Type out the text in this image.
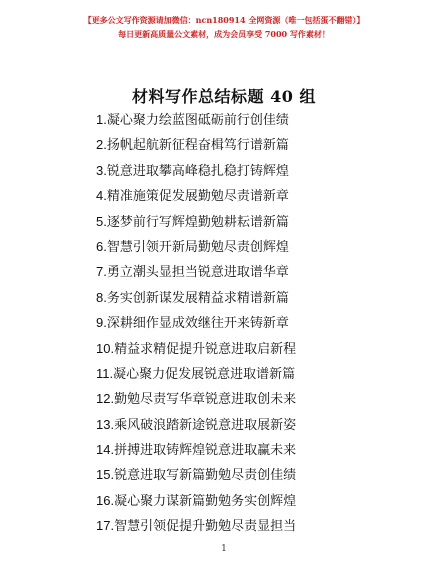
【更多公文写作资源请加微信：ncn180914 全网资源（唯一包括蛋不翻错）】
每日更新高质量公文素材，成为会员享受 7000 写作素材！
材料写作总结标题 40 组
1.凝心聚力绘蓝图砥砺前行创佳绩
2.扬帆起航新征程奋楫笃行谱新篇
3.锐意进取攀高峰稳扎稳打铸辉煌
4.精准施策促发展勤勉尽责谱新章
5.逐梦前行写辉煌勤勉耕耘谱新篇
6.智慧引领开新局勤勉尽责创辉煌
7.勇立潮头显担当锐意进取谱华章
8.务实创新谋发展精益求精谱新篇
9.深耕细作显成效继往开来铸新章
10.精益求精促提升锐意进取启新程
11.凝心聚力促发展锐意进取谱新篇
12.勤勉尽责写华章锐意进取创未来
13.乘风破浪踏新途锐意进取展新姿
14.拼搏进取铸辉煌锐意进取赢未来
15.锐意进取写新篇勤勉尽责创佳绩
16.凝心聚力谋新篇勤勉务实创辉煌
17.智慧引领促提升勤勉尽责显担当
1
